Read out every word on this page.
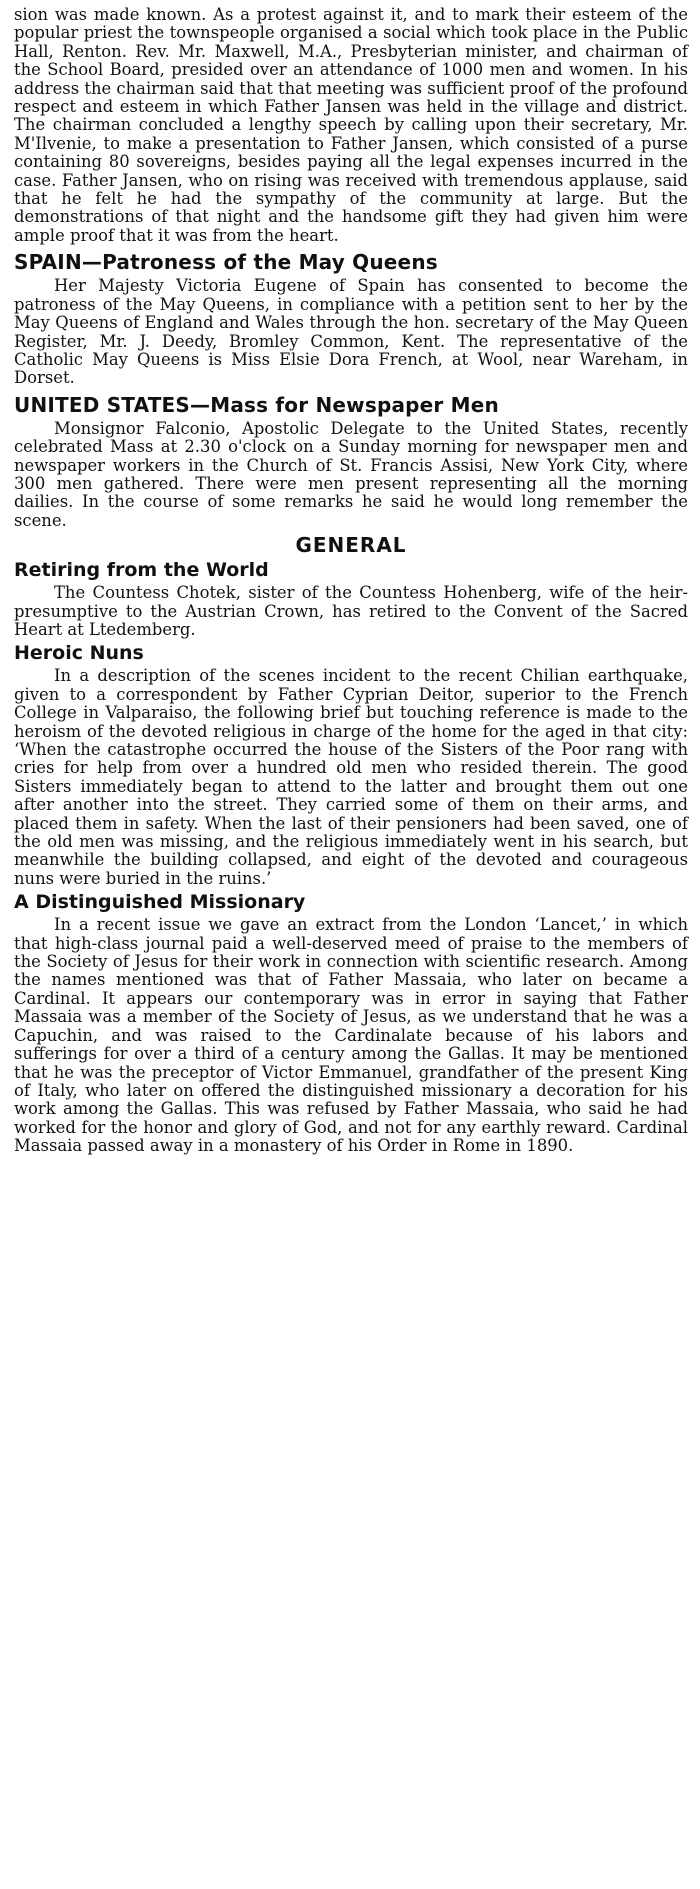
sion was made known. As a protest against it, and to mark their esteem of the popular priest the townspeople organised a social which took place in the Public Hall, Renton. Rev. Mr. Maxwell, M.A., Presbyterian minister, and chairman of the School Board, presided over an attendance of 1000 men and women. In his address the chairman said that that meeting was sufficient proof of the profound respect and esteem in which Father Jansen was held in the village and district. The chairman concluded a lengthy speech by calling upon their secretary, Mr. M'Ilvenie, to make a presentation to Father Jansen, which consisted of a purse containing 80 sovereigns, besides paying all the legal expenses incurred in the case. Father Jansen, who on rising was received with tremendous applause, said that he felt he had the sympathy of the community at large. But the demonstrations of that night and the handsome gift they had given him were ample proof that it was from the heart.

SPAIN—Patroness of the May Queens

Her Majesty Victoria Eugene of Spain has consented to become the patroness of the May Queens, in compliance with a petition sent to her by the May Queens of England and Wales through the hon. secretary of the May Queen Register, Mr. J. Deedy, Bromley Common, Kent. The representative of the Catholic May Queens is Miss Elsie Dora French, at Wool, near Wareham, in Dorset.

UNITED STATES—Mass for Newspaper Men

Monsignor Falconio, Apostolic Delegate to the United States, recently celebrated Mass at 2.30 o'clock on a Sunday morning for newspaper men and newspaper workers in the Church of St. Francis Assisi, New York City, where 300 men gathered. There were men present representing all the morning dailies. In the course of some remarks he said he would long remember the scene.

GENERAL
Retiring from the World

The Countess Chotek, sister of the Countess Hohenberg, wife of the heir-presumptive to the Austrian Crown, has retired to the Convent of the Sacred Heart at Ltedemberg.

Heroic Nuns

In a description of the scenes incident to the recent Chilian earthquake, given to a correspondent by Father Cyprian Deitor, superior to the French College in Valparaiso, the following brief but touching reference is made to the heroism of the devoted religious in charge of the home for the aged in that city: ‘When the catastrophe occurred the house of the Sisters of the Poor rang with cries for help from over a hundred old men who resided therein. The good Sisters immediately began to attend to the latter and brought them out one after another into the street. They carried some of them on their arms, and placed them in safety. When the last of their pensioners had been saved, one of the old men was missing, and the religious immediately went in his search, but meanwhile the building collapsed, and eight of the devoted and courageous nuns were buried in the ruins.’

A Distinguished Missionary

In a recent issue we gave an extract from the London ‘Lancet,’ in which that high-class journal paid a well-deserved meed of praise to the members of the Society of Jesus for their work in connection with scientific research. Among the names mentioned was that of Father Massaia, who later on became a Cardinal. It appears our contemporary was in error in saying that Father Massaia was a member of the Society of Jesus, as we understand that he was a Capuchin, and was raised to the Cardinalate because of his labors and sufferings for over a third of a century among the Gallas. It may be mentioned that he was the preceptor of Victor Emmanuel, grandfather of the present King of Italy, who later on offered the distinguished missionary a decoration for his work among the Gallas. This was refused by Father Massaia, who said he had worked for the honor and glory of God, and not for any earthly reward. Cardinal Massaia passed away in a monastery of his Order in Rome in 1890.
